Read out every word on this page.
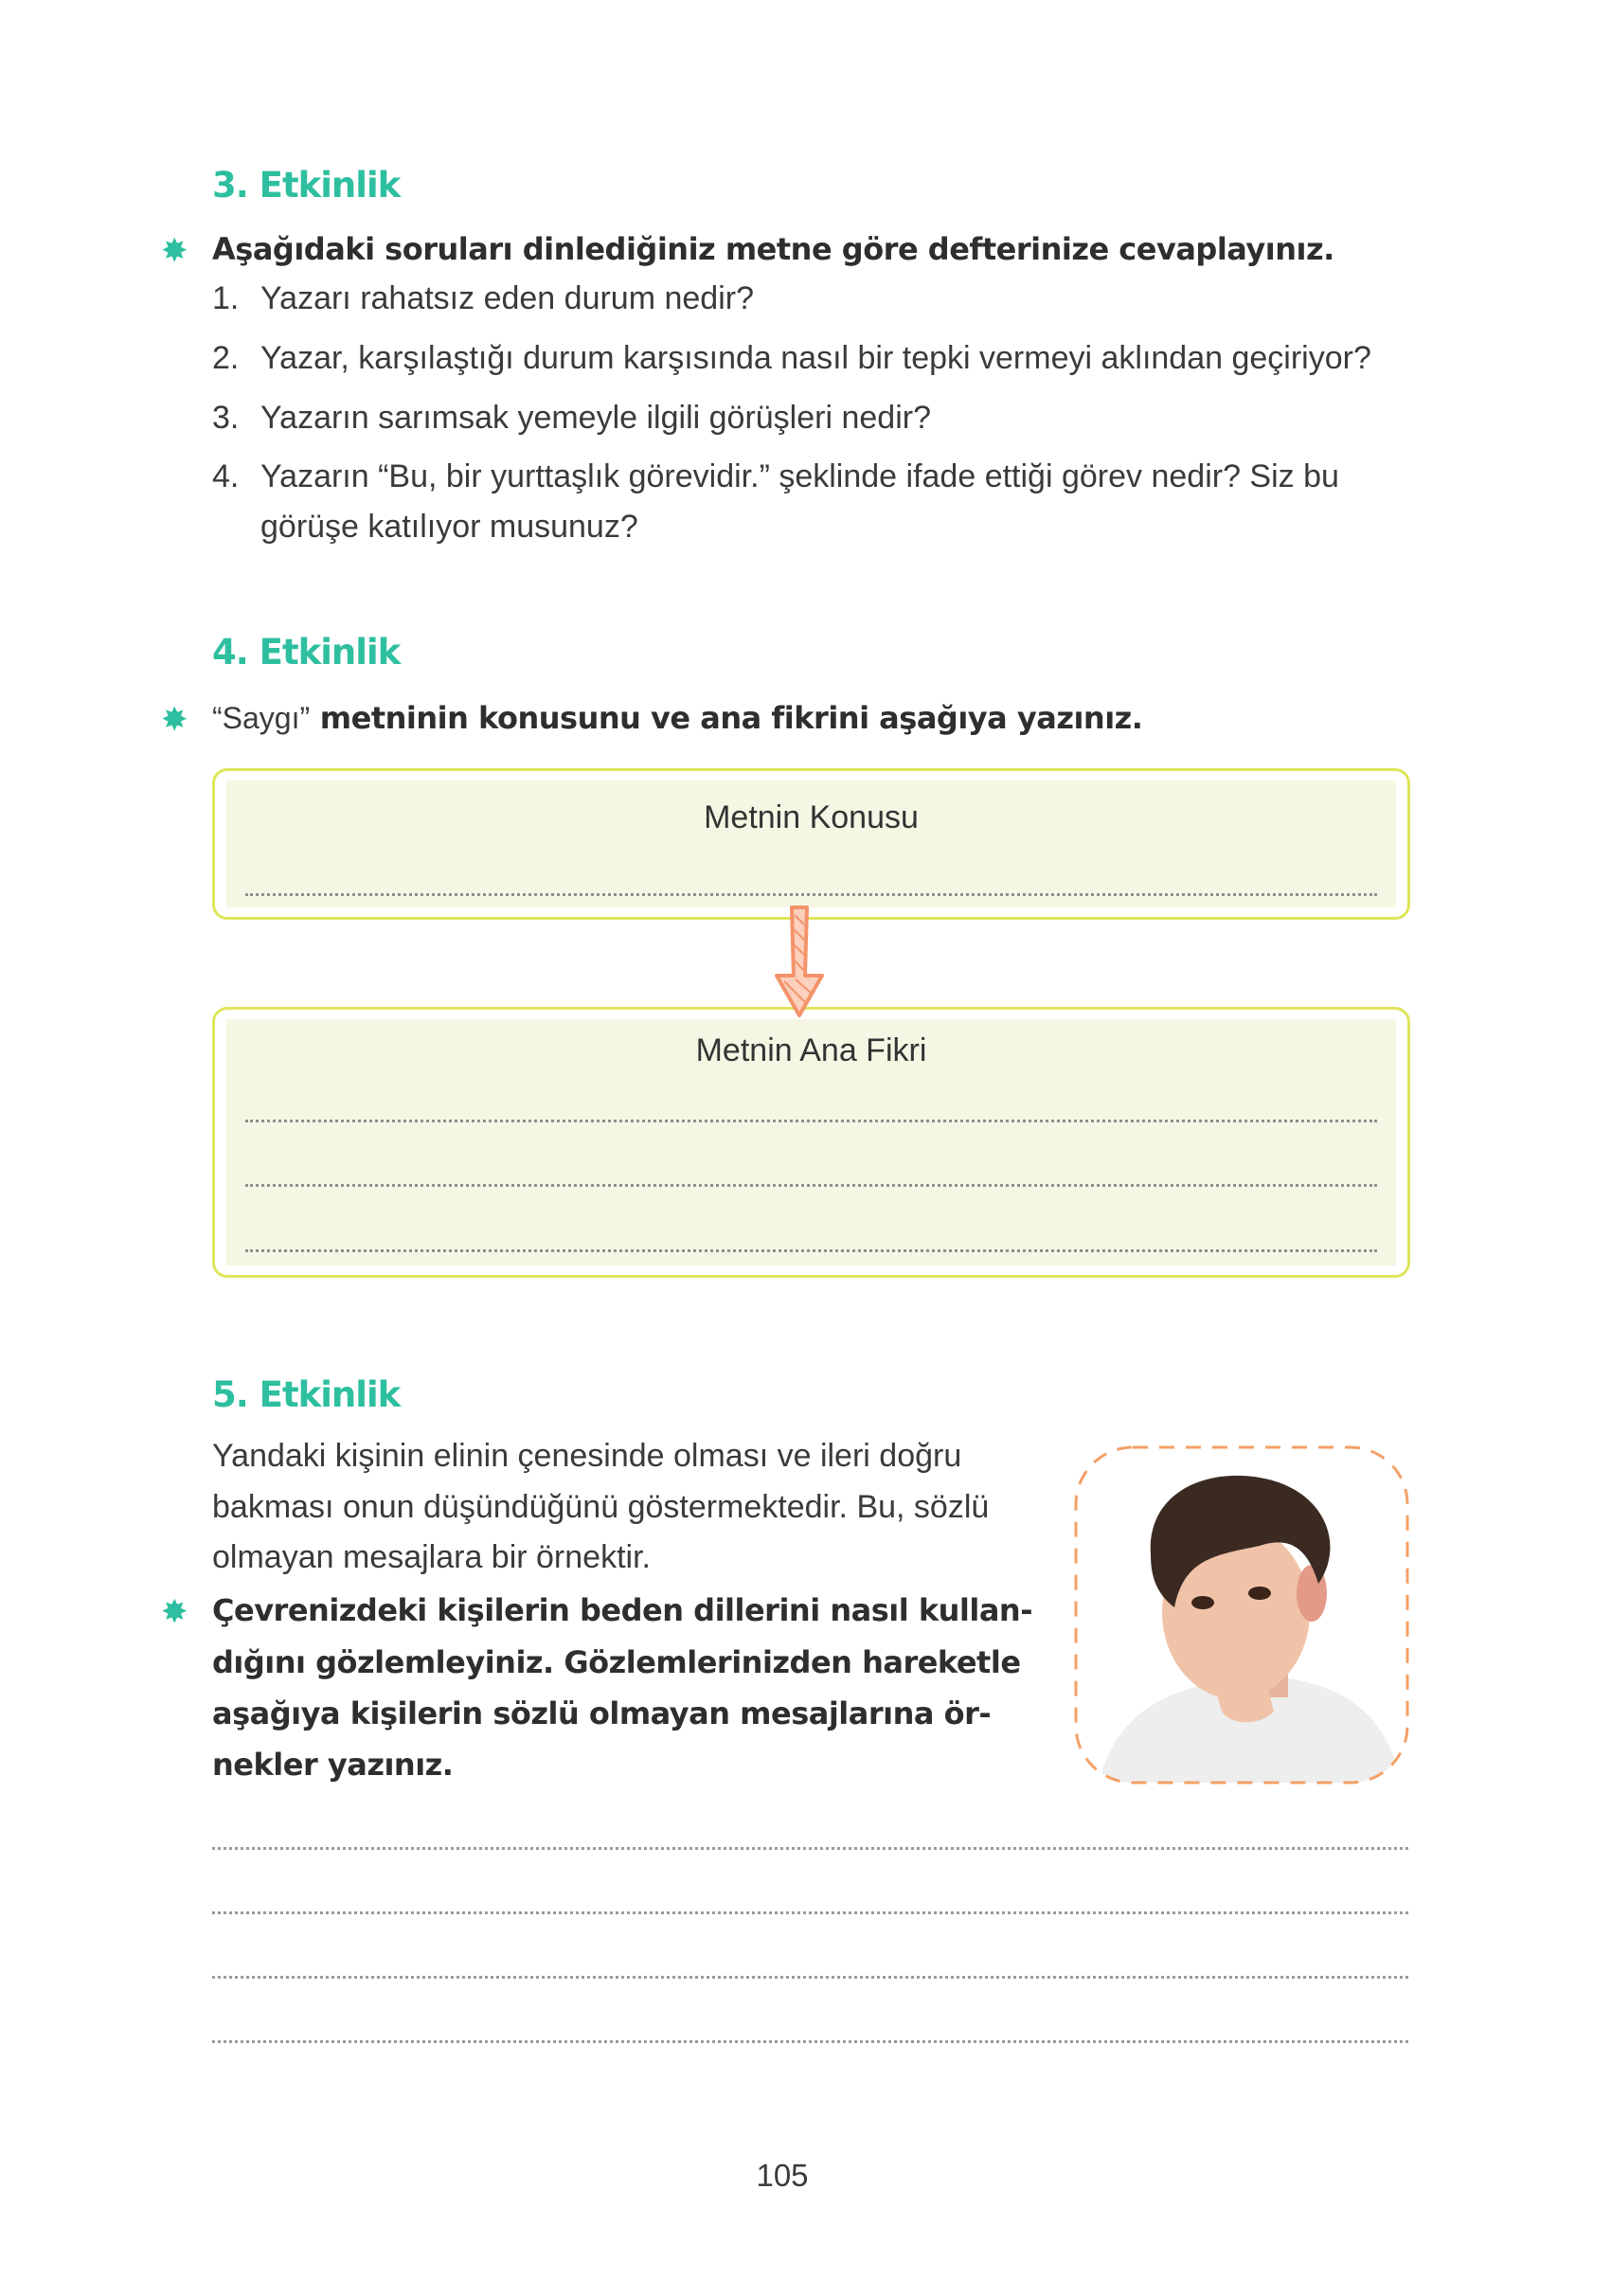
3. Etkinlik
✸ Aşağıdaki soruları dinlediğiniz metne göre defterinize cevaplayınız.
1. Yazarı rahatsız eden durum nedir?
2. Yazar, karşılaştığı durum karşısında nasıl bir tepki vermeyi aklından geçiriyor?
3. Yazarın sarımsak yemeyle ilgili görüşleri nedir?
4. Yazarın “Bu, bir yurttaşlık görevidir.” şeklinde ifade ettiği görev nedir? Siz bu
görüşe katılıyor musunuz?
4. Etkinlik
✸ “Saygı” metninin konusunu ve ana fikrini aşağıya yazınız.
Metnin Konusu
Metnin Ana Fikri
5. Etkinlik
Yandaki kişinin elinin çenesinde olması ve ileri doğru
bakması onun düşündüğünü göstermektedir. Bu, sözlü
olmayan mesajlara bir örnektir.
✸ Çevrenizdeki kişilerin beden dillerini nasıl kullan-
dığını gözlemleyiniz. Gözlemlerinizden hareketle
aşağıya kişilerin sözlü olmayan mesajlarına ör-
nekler yazınız.
105
